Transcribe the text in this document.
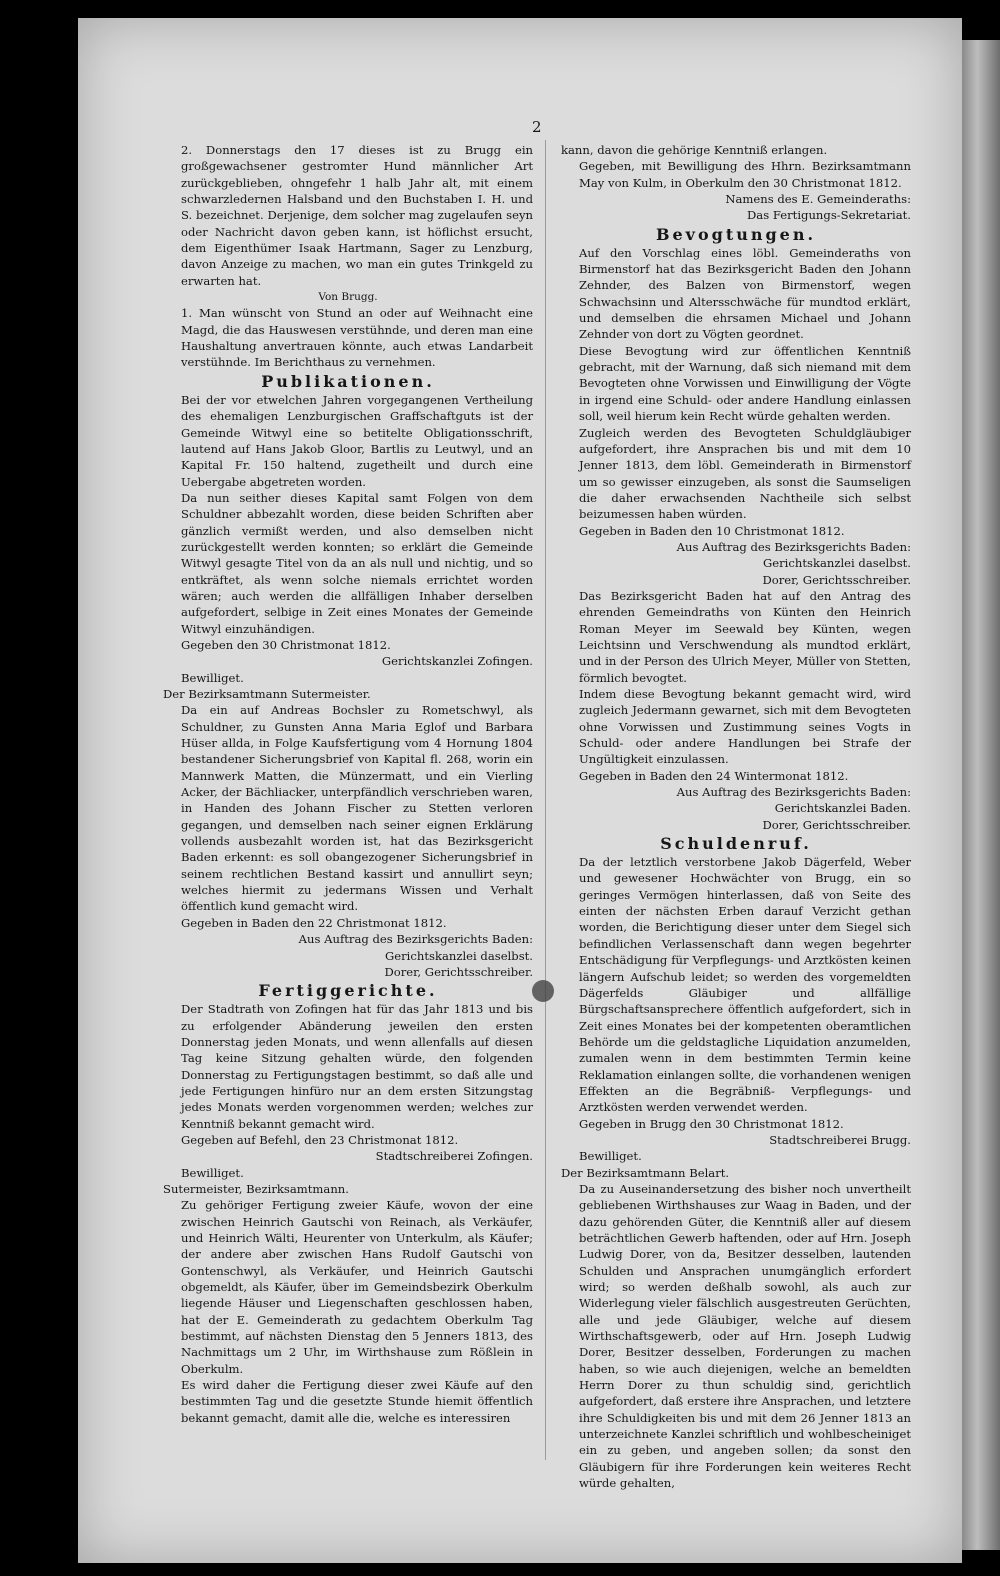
2

2. Donnerstags den 17 dieses ist zu Brugg ein großgewachsener gestromter Hund männlicher Art zurückgeblieben, ohngefehr 1 halb Jahr alt, mit einem schwarzledernen Halsband und den Buchstaben I. H. und S. bezeichnet. Derjenige, dem solcher mag zugelaufen seyn oder Nachricht davon geben kann, ist höflichst ersucht, dem Eigenthümer Isaak Hartmann, Sager zu Lenzburg, davon Anzeige zu machen, wo man ein gutes Trinkgeld zu erwarten hat.

Von Brugg.

1. Man wünscht von Stund an oder auf Weihnacht eine Magd, die das Hauswesen verstühnde, und deren man eine Haushaltung anvertrauen könnte, auch etwas Landarbeit verstühnde. Im Berichthaus zu vernehmen.

Publikationen.

Bei der vor etwelchen Jahren vorgegangenen Vertheilung des ehemaligen Lenzburgischen Graffschaftguts ist der Gemeinde Witwyl eine so betitelte Obligationsschrift, lautend auf Hans Jakob Gloor, Bartlis zu Leutwyl, und an Kapital Fr. 150 haltend, zugetheilt und durch eine Uebergabe abgetreten worden.

Da nun seither dieses Kapital samt Folgen von dem Schuldner abbezahlt worden, diese beiden Schriften aber gänzlich vermißt werden, und also demselben nicht zurückgestellt werden konnten; so erklärt die Gemeinde Witwyl gesagte Titel von da an als null und nichtig, und so entkräftet, als wenn solche niemals errichtet worden wären; auch werden die allfälligen Inhaber derselben aufgefordert, selbige in Zeit eines Monates der Gemeinde Witwyl einzuhändigen.

Gegeben den 30 Christmonat 1812.

Gerichtskanzlei Zofingen.

Bewilliget.

Der Bezirksamtmann Sutermeister.

Da ein auf Andreas Bochsler zu Rometschwyl, als Schuldner, zu Gunsten Anna Maria Eglof und Barbara Hüser allda, in Folge Kaufsfertigung vom 4 Hornung 1804 bestandener Sicherungsbrief von Kapital fl. 268, worin ein Mannwerk Matten, die Münzermatt, und ein Vierling Acker, der Bächliacker, unterpfändlich verschrieben waren, in Handen des Johann Fischer zu Stetten verloren gegangen, und demselben nach seiner eignen Erklärung vollends ausbezahlt worden ist, hat das Bezirksgericht Baden erkennt: es soll obangezogener Sicherungsbrief in seinem rechtlichen Bestand kassirt und annullirt seyn; welches hiermit zu jedermans Wissen und Verhalt öffentlich kund gemacht wird.

Gegeben in Baden den 22 Christmonat 1812.

Aus Auftrag des Bezirksgerichts Baden:

Gerichtskanzlei daselbst.

Dorer, Gerichtsschreiber.

Fertiggerichte.

Der Stadtrath von Zofingen hat für das Jahr 1813 und bis zu erfolgender Abänderung jeweilen den ersten Donnerstag jeden Monats, und wenn allenfalls auf diesen Tag keine Sitzung gehalten würde, den folgenden Donnerstag zu Fertigungstagen bestimmt, so daß alle und jede Fertigungen hinfüro nur an dem ersten Sitzungstag jedes Monats werden vorgenommen werden; welches zur Kenntniß bekannt gemacht wird.

Gegeben auf Befehl, den 23 Christmonat 1812.

Stadtschreiberei Zofingen.

Bewilliget.

Sutermeister, Bezirksamtmann.

Zu gehöriger Fertigung zweier Käufe, wovon der eine zwischen Heinrich Gautschi von Reinach, als Verkäufer, und Heinrich Wälti, Heurenter von Unterkulm, als Käufer; der andere aber zwischen Hans Rudolf Gautschi von Gontenschwyl, als Verkäufer, und Heinrich Gautschi obgemeldt, als Käufer, über im Gemeindsbezirk Oberkulm liegende Häuser und Liegenschaften geschlossen haben, hat der E. Gemeinderath zu gedachtem Oberkulm Tag bestimmt, auf nächsten Dienstag den 5 Jenners 1813, des Nachmittags um 2 Uhr, im Wirthshause zum Rößlein in Oberkulm.

Es wird daher die Fertigung dieser zwei Käufe auf den bestimmten Tag und die gesetzte Stunde hiemit öffentlich bekannt gemacht, damit alle die, welche es interessiren

kann, davon die gehörige Kenntniß erlangen.

Gegeben, mit Bewilligung des Hhrn. Bezirksamtmann May von Kulm, in Oberkulm den 30 Christmonat 1812.

Namens des E. Gemeinderaths:

Das Fertigungs-Sekretariat.

Bevogtungen.

Auf den Vorschlag eines löbl. Gemeinderaths von Birmenstorf hat das Bezirksgericht Baden den Johann Zehnder, des Balzen von Birmenstorf, wegen Schwachsinn und Altersschwäche für mundtod erklärt, und demselben die ehrsamen Michael und Johann Zehnder von dort zu Vögten geordnet.

Diese Bevogtung wird zur öffentlichen Kenntniß gebracht, mit der Warnung, daß sich niemand mit dem Bevogteten ohne Vorwissen und Einwilligung der Vögte in irgend eine Schuld- oder andere Handlung einlassen soll, weil hierum kein Recht würde gehalten werden.

Zugleich werden des Bevogteten Schuldgläubiger aufgefordert, ihre Ansprachen bis und mit dem 10 Jenner 1813, dem löbl. Gemeinderath in Birmenstorf um so gewisser einzugeben, als sonst die Saumseligen die daher erwachsenden Nachtheile sich selbst beizumessen haben würden.

Gegeben in Baden den 10 Christmonat 1812.

Aus Auftrag des Bezirksgerichts Baden:

Gerichtskanzlei daselbst.

Dorer, Gerichtsschreiber.

Das Bezirksgericht Baden hat auf den Antrag des ehrenden Gemeindraths von Künten den Heinrich Roman Meyer im Seewald bey Künten, wegen Leichtsinn und Verschwendung als mundtod erklärt, und in der Person des Ulrich Meyer, Müller von Stetten, förmlich bevogtet.

Indem diese Bevogtung bekannt gemacht wird, wird zugleich Jedermann gewarnet, sich mit dem Bevogteten ohne Vorwissen und Zustimmung seines Vogts in Schuld- oder andere Handlungen bei Strafe der Ungültigkeit einzulassen.

Gegeben in Baden den 24 Wintermonat 1812.

Aus Auftrag des Bezirksgerichts Baden:

Gerichtskanzlei Baden.

Dorer, Gerichtsschreiber.

Schuldenruf.

Da der letztlich verstorbene Jakob Dägerfeld, Weber und gewesener Hochwächter von Brugg, ein so geringes Vermögen hinterlassen, daß von Seite des einten der nächsten Erben darauf Verzicht gethan worden, die Berichtigung dieser unter dem Siegel sich befindlichen Verlassenschaft dann wegen begehrter Entschädigung für Verpflegungs- und Arztkösten keinen längern Aufschub leidet; so werden des vorgemeldten Dägerfelds Gläubiger und allfällige Bürgschaftsansprechere öffentlich aufgefordert, sich in Zeit eines Monates bei der kompetenten oberamtlichen Behörde um die geldstagliche Liquidation anzumelden, zumalen wenn in dem bestimmten Termin keine Reklamation einlangen sollte, die vorhandenen wenigen Effekten an die Begräbniß- Verpflegungs- und Arztkösten werden verwendet werden.

Gegeben in Brugg den 30 Christmonat 1812.

Stadtschreiberei Brugg.

Bewilliget.

Der Bezirksamtmann Belart.

Da zu Auseinandersetzung des bisher noch unvertheilt gebliebenen Wirthshauses zur Waag in Baden, und der dazu gehörenden Güter, die Kenntniß aller auf diesem beträchtlichen Gewerb haftenden, oder auf Hrn. Joseph Ludwig Dorer, von da, Besitzer desselben, lautenden Schulden und Ansprachen unumgänglich erfordert wird; so werden deßhalb sowohl, als auch zur Widerlegung vieler fälschlich ausgestreuten Gerüchten, alle und jede Gläubiger, welche auf diesem Wirthschaftsgewerb, oder auf Hrn. Joseph Ludwig Dorer, Besitzer desselben, Forderungen zu machen haben, so wie auch diejenigen, welche an bemeldten Herrn Dorer zu thun schuldig sind, gerichtlich aufgefordert, daß erstere ihre Ansprachen, und letztere ihre Schuldigkeiten bis und mit dem 26 Jenner 1813 an unterzeichnete Kanzlei schriftlich und wohlbescheiniget ein zu geben, und angeben sollen; da sonst den Gläubigern für ihre Forderungen kein weiteres Recht würde gehalten,
